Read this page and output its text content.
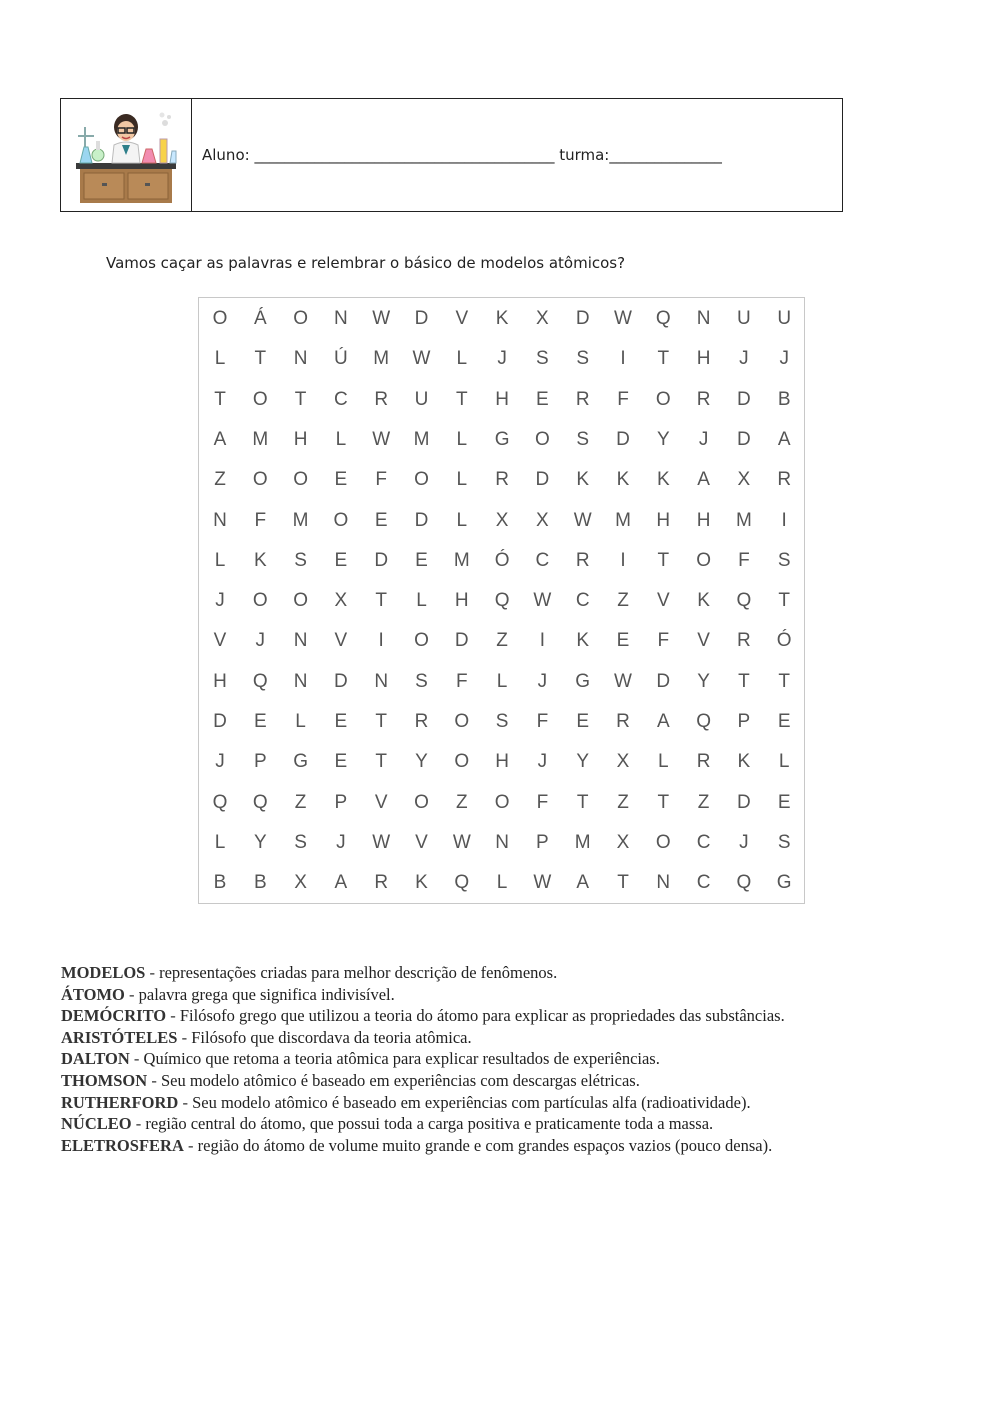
Aluno: ________________________________________ turma:_______________
Vamos caçar as palavras e relembrar o básico de modelos atômicos?
O	Á	O	N	W	D	V	K	X	D	W	Q	N	U	U
L	T	N	Ú	M	W	L	J	S	S	I	T	H	J	J
T	O	T	C	R	U	T	H	E	R	F	O	R	D	B
A	M	H	L	W	M	L	G	O	S	D	Y	J	D	A
Z	O	O	E	F	O	L	R	D	K	K	K	A	X	R
N	F	M	O	E	D	L	X	X	W	M	H	H	M	I
L	K	S	E	D	E	M	Ó	C	R	I	T	O	F	S
J	O	O	X	T	L	H	Q	W	C	Z	V	K	Q	T
V	J	N	V	I	O	D	Z	I	K	E	F	V	R	Ó
H	Q	N	D	N	S	F	L	J	G	W	D	Y	T	T
D	E	L	E	T	R	O	S	F	E	R	A	Q	P	E
J	P	G	E	T	Y	O	H	J	Y	X	L	R	K	L
Q	Q	Z	P	V	O	Z	O	F	T	Z	T	Z	D	E
L	Y	S	J	W	V	W	N	P	M	X	O	C	J	S
B	B	X	A	R	K	Q	L	W	A	T	N	C	Q	G
MODELOS - representações criadas para melhor descrição de fenômenos.
ÁTOMO - palavra grega que significa indivisível.
DEMÓCRITO - Filósofo grego que utilizou a teoria do átomo para explicar as propriedades das substâncias.
ARISTÓTELES - Filósofo que discordava da teoria atômica.
DALTON - Químico que retoma a teoria atômica para explicar resultados de experiências.
THOMSON - Seu modelo atômico é baseado em experiências com descargas elétricas.
RUTHERFORD - Seu modelo atômico é baseado em experiências com partículas alfa (radioatividade).
NÚCLEO - região central do átomo, que possui toda a carga positiva e praticamente toda a massa.
ELETROSFERA - região do átomo de volume muito grande e com grandes espaços vazios (pouco densa).
